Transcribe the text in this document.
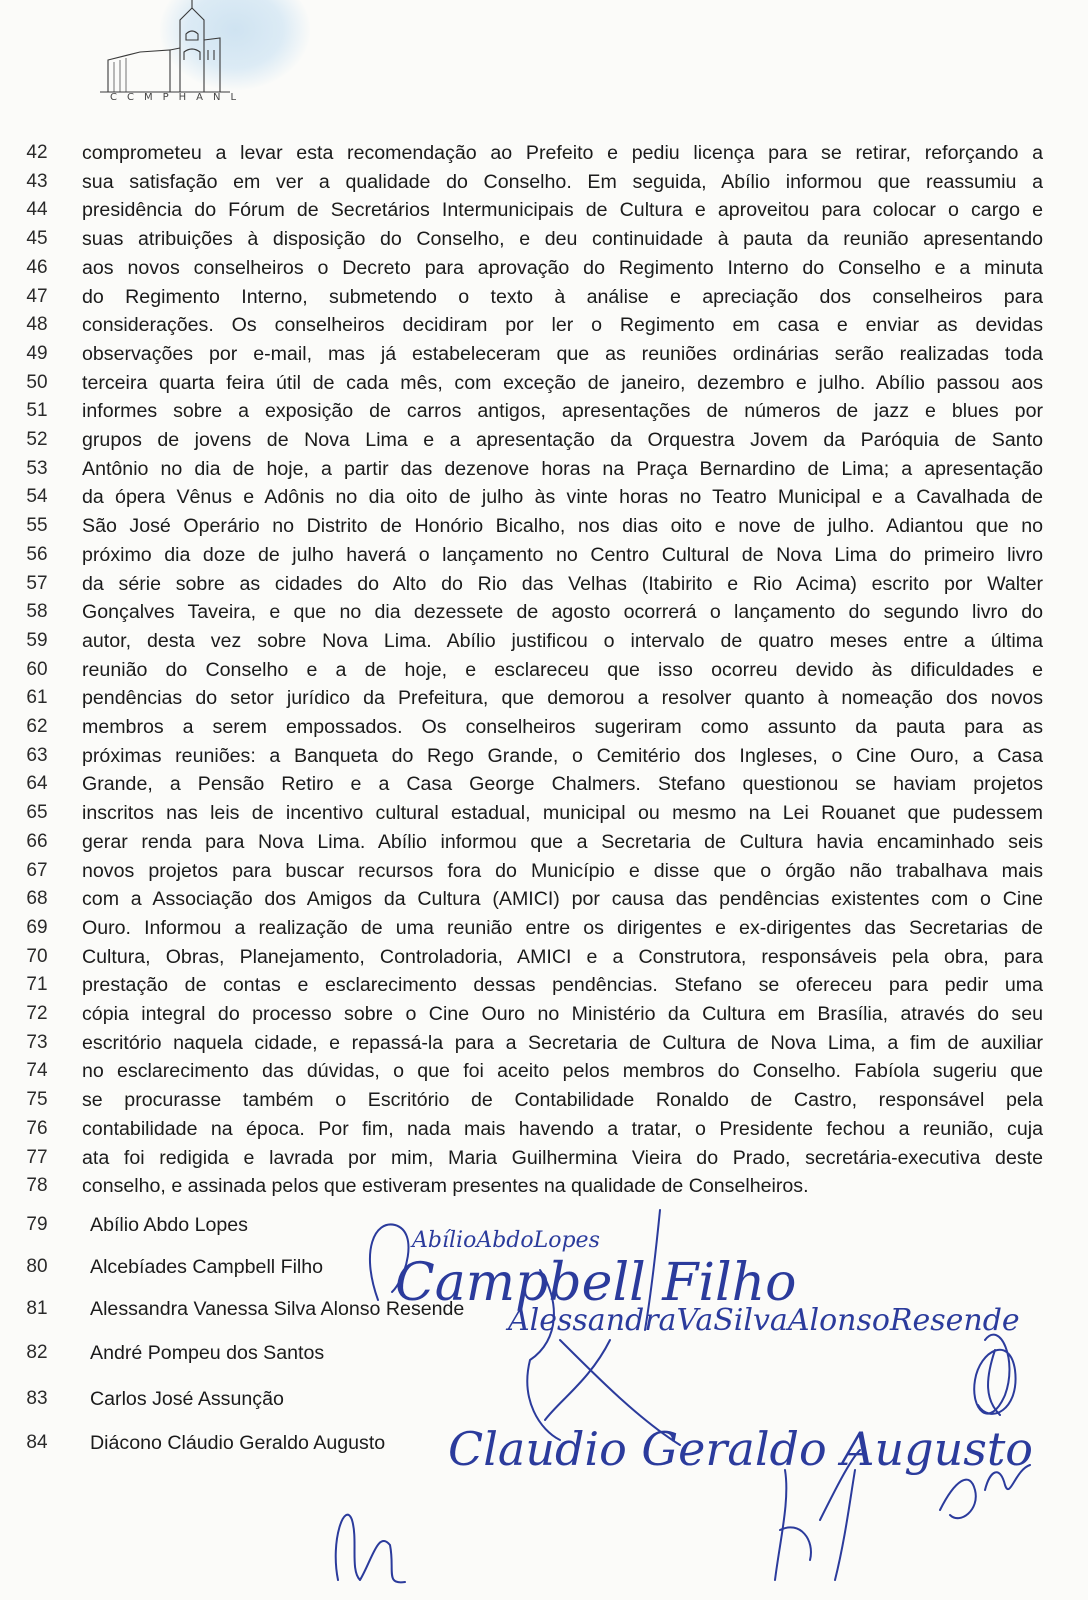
CCMPHANL
42	comprometeu a levar esta recomendação ao Prefeito e pediu licença para se retirar, reforçando a
43	sua satisfação em ver a qualidade do Conselho. Em seguida, Abílio informou que reassumiu a
44	presidência do Fórum de Secretários Intermunicipais de Cultura e aproveitou para colocar o cargo e
45	suas atribuições à disposição do Conselho, e deu continuidade à pauta da reunião apresentando
46	aos novos conselheiros o Decreto para aprovação do Regimento Interno do Conselho e a minuta
47	do Regimento Interno, submetendo o texto à análise e apreciação dos conselheiros para
48	considerações. Os conselheiros decidiram por ler o Regimento em casa e enviar as devidas
49	observações por e-mail, mas já estabeleceram que as reuniões ordinárias serão realizadas toda
50	terceira quarta feira útil de cada mês, com exceção de janeiro, dezembro e julho. Abílio passou aos
51	informes sobre a exposição de carros antigos, apresentações de números de jazz e blues por
52	grupos de jovens de Nova Lima e a apresentação da Orquestra Jovem da Paróquia de Santo
53	Antônio no dia de hoje, a partir das dezenove horas na Praça Bernardino de Lima; a apresentação
54	da ópera Vênus e Adônis no dia oito de julho às vinte horas no Teatro Municipal e a Cavalhada de
55	São José Operário no Distrito de Honório Bicalho, nos dias oito e nove de julho. Adiantou que no
56	próximo dia doze de julho haverá o lançamento no Centro Cultural de Nova Lima do primeiro livro
57	da série sobre as cidades do Alto do Rio das Velhas (Itabirito e Rio Acima) escrito por Walter
58	Gonçalves Taveira, e que no dia dezessete de agosto ocorrerá o lançamento do segundo livro do
59	autor, desta vez sobre Nova Lima. Abílio justificou o intervalo de quatro meses entre a última
60	reunião do Conselho e a de hoje, e esclareceu que isso ocorreu devido às dificuldades e
61	pendências do setor jurídico da Prefeitura, que demorou a resolver quanto à nomeação dos novos
62	membros a serem empossados. Os conselheiros sugeriram como assunto da pauta para as
63	próximas reuniões: a Banqueta do Rego Grande, o Cemitério dos Ingleses, o Cine Ouro, a Casa
64	Grande, a Pensão Retiro e a Casa George Chalmers. Stefano questionou se haviam projetos
65	inscritos nas leis de incentivo cultural estadual, municipal ou mesmo na Lei Rouanet que pudessem
66	gerar renda para Nova Lima. Abílio informou que a Secretaria de Cultura havia encaminhado seis
67	novos projetos para buscar recursos fora do Município e disse que o órgão não trabalhava mais
68	com a Associação dos Amigos da Cultura (AMICI) por causa das pendências existentes com o Cine
69	Ouro. Informou a realização de uma reunião entre os dirigentes e ex-dirigentes das Secretarias de
70	Cultura, Obras, Planejamento, Controladoria, AMICI e a Construtora, responsáveis pela obra, para
71	prestação de contas e esclarecimento dessas pendências. Stefano se ofereceu para pedir uma
72	cópia integral do processo sobre o Cine Ouro no Ministério da Cultura em Brasília, através do seu
73	escritório naquela cidade, e repassá-la para a Secretaria de Cultura de Nova Lima, a fim de auxiliar
74	no esclarecimento das dúvidas, o que foi aceito pelos membros do Conselho. Fabíola sugeriu que
75	se procurasse também o Escritório de Contabilidade Ronaldo de Castro, responsável pela
76	contabilidade na época. Por fim, nada mais havendo a tratar, o Presidente fechou a reunião, cuja
77	ata foi redigida e lavrada por mim, Maria Guilhermina Vieira do Prado, secretária-executiva deste
78	conselho, e assinada pelos que estiveram presentes na qualidade de Conselheiros.
79	Abílio Abdo Lopes
80	Alcebíades Campbell Filho
81	Alessandra Vanessa Silva Alonso Resende
82	André Pompeu dos Santos
83	Carlos José Assunção
84	Diácono Cláudio Geraldo Augusto
AbílioAbdoLopes
Campbell Filho
AlessandraVaSilvaAlonsoResende
Claudio Geraldo Augusto
